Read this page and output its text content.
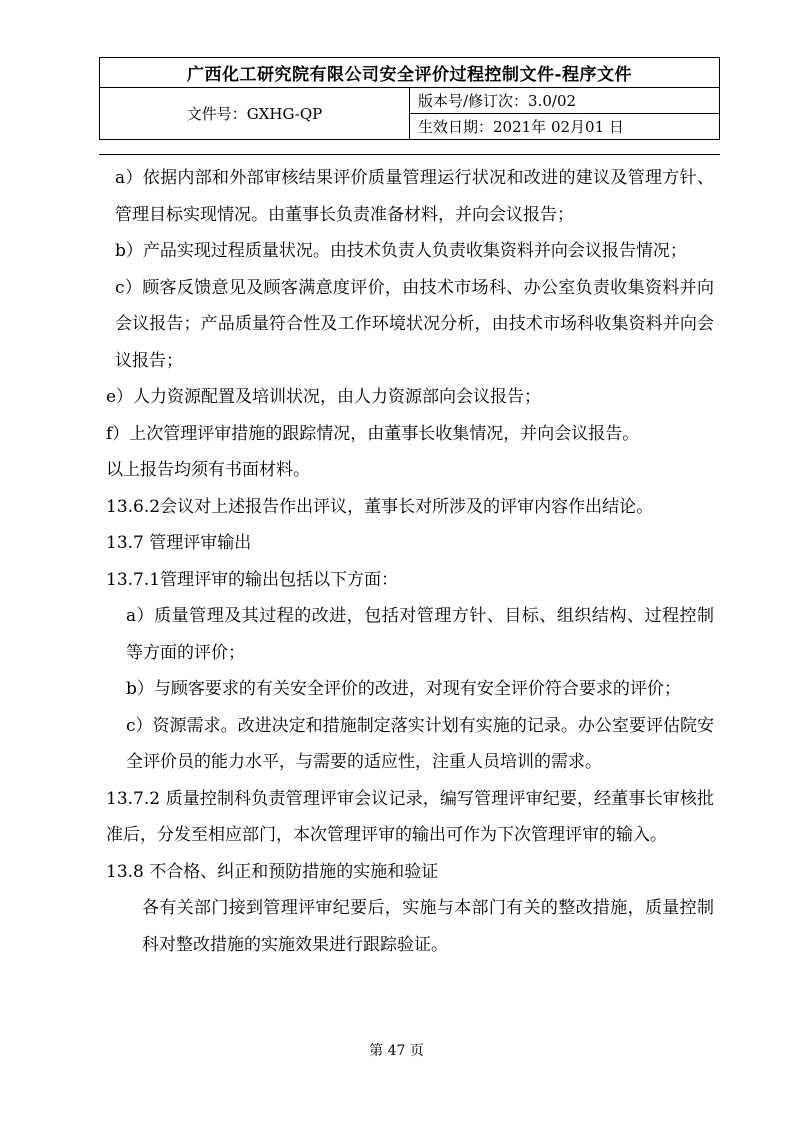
广西化工研究院有限公司安全评价过程控制文件-程序文件
文件号：GXHG-QP	版本号/修订次：3.0/02
生效日期：2021年 02月01 日
a）依据内部和外部审核结果评价质量管理运行状况和改进的建议及管理方针、管理目标实现情况。由董事长负责准备材料，并向会议报告；
b）产品实现过程质量状况。由技术负责人负责收集资料并向会议报告情况；
c）顾客反馈意见及顾客满意度评价，由技术市场科、办公室负责收集资料并向会议报告；产品质量符合性及工作环境状况分析，由技术市场科收集资料并向会议报告；
e）人力资源配置及培训状况，由人力资源部向会议报告；
f）上次管理评审措施的跟踪情况，由董事长收集情况，并向会议报告。
以上报告均须有书面材料。
13.6.2会议对上述报告作出评议，董事长对所涉及的评审内容作出结论。
13.7 管理评审输出
13.7.1管理评审的输出包括以下方面：
a）质量管理及其过程的改进，包括对管理方针、目标、组织结构、过程控制等方面的评价；
b）与顾客要求的有关安全评价的改进，对现有安全评价符合要求的评价；
c）资源需求。改进决定和措施制定落实计划有实施的记录。办公室要评估院安全评价员的能力水平，与需要的适应性，注重人员培训的需求。
13.7.2 质量控制科负责管理评审会议记录，编写管理评审纪要，经董事长审核批准后，分发至相应部门，本次管理评审的输出可作为下次管理评审的输入。
13.8 不合格、纠正和预防措施的实施和验证
各有关部门接到管理评审纪要后，实施与本部门有关的整改措施，质量控制科对整改措施的实施效果进行跟踪验证。
第 47 页
